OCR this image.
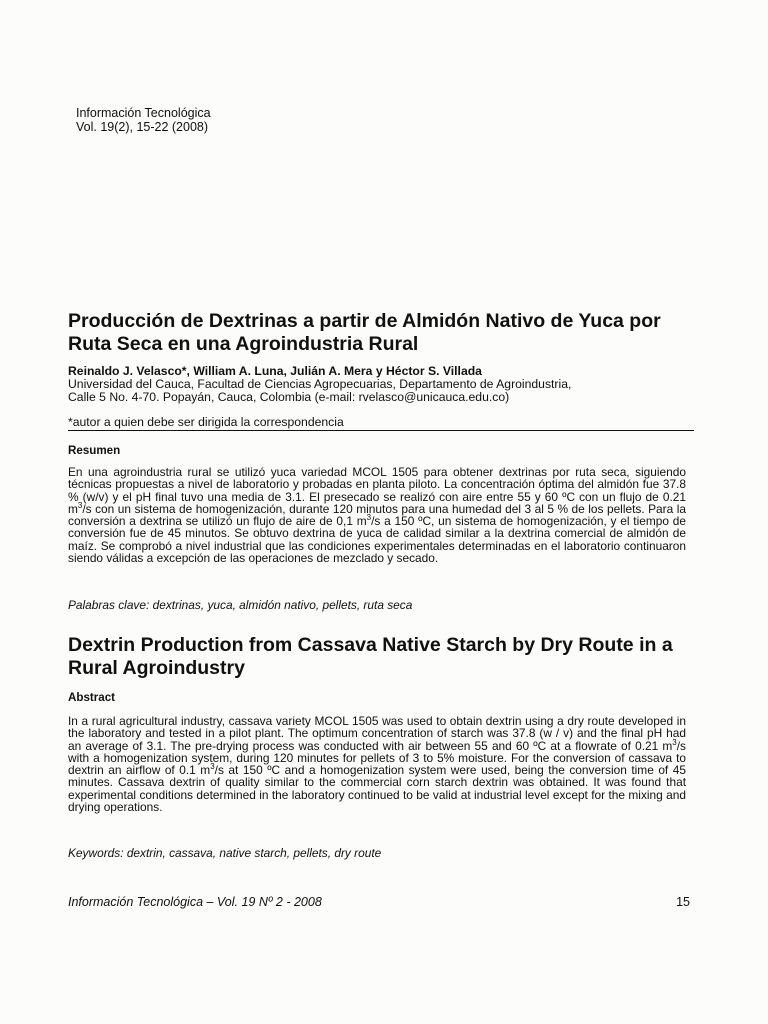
Información Tecnológica
Vol. 19(2), 15-22 (2008)
Producción de Dextrinas a partir de Almidón Nativo de Yuca por Ruta Seca en una Agroindustria Rural
Reinaldo J. Velasco*, William A. Luna, Julián A. Mera y Héctor S. Villada
Universidad del Cauca, Facultad de Ciencias Agropecuarias, Departamento de Agroindustria,
Calle 5 No. 4-70. Popayán, Cauca, Colombia (e-mail: rvelasco@unicauca.edu.co)
*autor a quien debe ser dirigida la correspondencia
Resumen

En una agroindustria rural se utilizó yuca variedad MCOL 1505 para obtener dextrinas por ruta seca, siguiendo técnicas propuestas a nivel de laboratorio y probadas en planta piloto. La concentración óptima del almidón fue 37.8 % (w/v) y el pH final tuvo una media de 3.1. El presecado se realizó con aire entre 55 y 60 ºC con un flujo de 0.21 $m^3/s$ con un sistema de homogenización, durante 120 minutos para una humedad del 3 al 5 % de los pellets. Para la conversión a dextrina se utilizó un flujo de aire de 0,1 $m^3/s$ a 150 ºC, un sistema de homogenización, y el tiempo de conversión fue de 45 minutos. Se obtuvo dextrina de yuca de calidad similar a la dextrina comercial de almidón de maíz. Se comprobó a nivel industrial que las condiciones experimentales determinadas en el laboratorio continuaron siendo válidas a excepción de las operaciones de mezclado y secado.

Palabras clave: dextrinas, yuca, almidón nativo, pellets, ruta seca
Dextrin Production from Cassava Native Starch by Dry Route in a Rural Agroindustry
Abstract

In a rural agricultural industry, cassava variety MCOL 1505 was used to obtain dextrin using a dry route developed in the laboratory and tested in a pilot plant. The optimum concentration of starch was 37.8 (w / v) and the final pH had an average of 3.1. The pre-drying process was conducted with air between 55 and 60 ºC at a flowrate of 0.21 $m^3/s$ with a homogenization system, during 120 minutes for pellets of 3 to 5% moisture. For the conversion of cassava to dextrin an airflow of 0.1 $m^3/s$ at 150 ºC and a homogenization system were used, being the conversion time of 45 minutes. Cassava dextrin of quality similar to the commercial corn starch dextrin was obtained. It was found that experimental conditions determined in the laboratory continued to be valid at industrial level except for the mixing and drying operations.

Keywords: dextrin, cassava, native starch, pellets, dry route
Información Tecnológica – Vol. 19 Nº 2 - 2008	15
